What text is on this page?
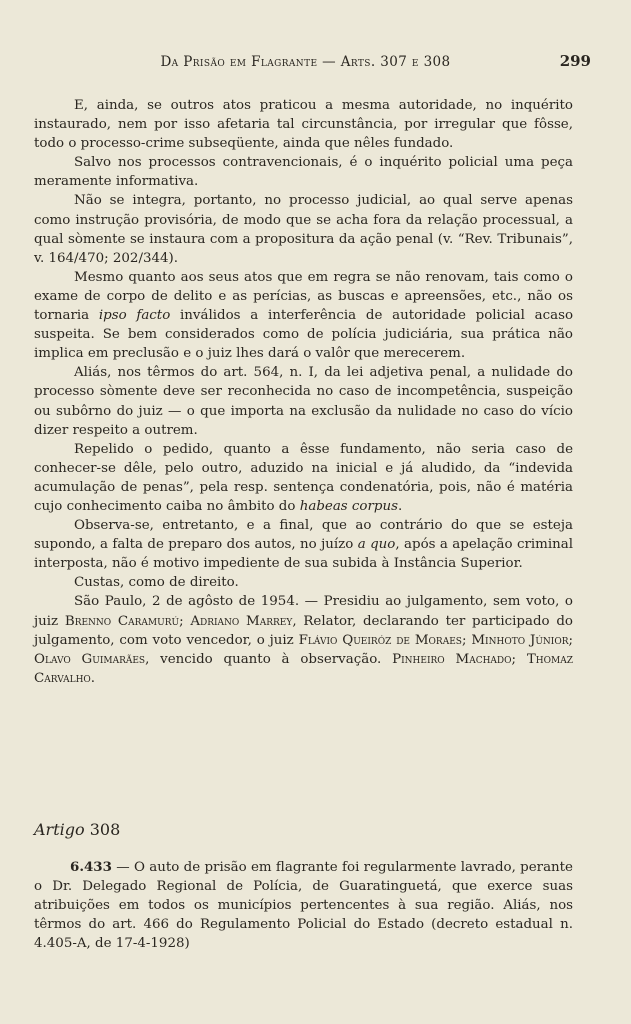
Da Prisão em Flagrante — Arts. 307 e 308	299

E, ainda, se outros atos praticou a mesma autoridade, no inquérito instaurado, nem por isso afetaria tal circunstância, por irregular que fôsse, todo o processo-crime subseqüente, ainda que nêles fundado.

Salvo nos processos contravencionais, é o inquérito policial uma peça meramente informativa.

Não se integra, portanto, no processo judicial, ao qual serve apenas como instrução provisória, de modo que se acha fora da relação processual, a qual sòmente se instaura com a propositura da ação penal (v. “Rev. Tribunais”, v. 164/470; 202/344).

Mesmo quanto aos seus atos que em regra se não renovam, tais como o exame de corpo de delito e as perícias, as buscas e apreensões, etc., não os tornaria ipso facto inválidos a interferência de autoridade policial acaso suspeita. Se bem considerados como de polícia judiciária, sua prática não implica em preclusão e o juiz lhes dará o valôr que merecerem.

Aliás, nos têrmos do art. 564, n. I, da lei adjetiva penal, a nulidade do processo sòmente deve ser reconhecida no caso de incompetência, suspeição ou subôrno do juiz — o que importa na exclusão da nulidade no caso do vício dizer respeito a outrem.

Repelido o pedido, quanto a êsse fundamento, não seria caso de conhecer-se dêle, pelo outro, aduzido na inicial e já aludido, da “indevida acumulação de penas”, pela resp. sentença condenatória, pois, não é matéria cujo conhecimento caiba no âmbito do habeas corpus.

Observa-se, entretanto, e a final, que ao contrário do que se esteja supondo, a falta de preparo dos autos, no juízo a quo, após a apelação criminal interposta, não é motivo impediente de sua subida à Instância Superior.

Custas, como de direito.

São Paulo, 2 de agôsto de 1954. — Presidiu ao julgamento, sem voto, o juiz Brenno Caramurú; Adriano Marrey, Relator, declarando ter participado do julgamento, com voto vencedor, o juiz Flávio Queiróz de Moraes; Minhoto Júnior; Olavo Guimarães, vencido quanto à observação. Pinheiro Machado; Thomaz Carvalho.

Artigo 308

6.433 — O auto de prisão em flagrante foi regularmente lavrado, perante o Dr. Delegado Regional de Polícia, de Guaratinguetá, que exerce suas atribuições em todos os municípios pertencentes à sua região. Aliás, nos têrmos do art. 466 do Regulamento Policial do Estado (decreto estadual n. 4.405-A, de 17-4-1928)
